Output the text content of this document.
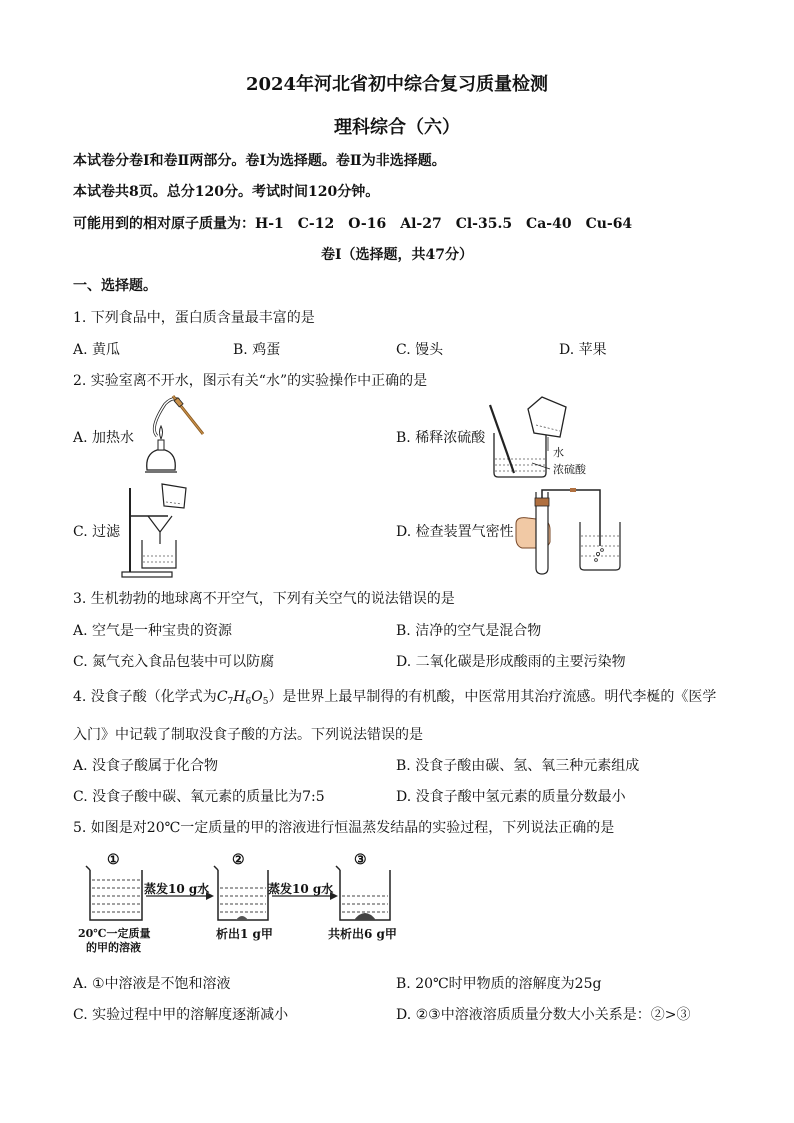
2024年河北省初中综合复习质量检测
理科综合（六）
本试卷分卷Ⅰ和卷Ⅱ两部分。卷Ⅰ为选择题。卷Ⅱ为非选择题。
本试卷共8页。总分120分。考试时间120分钟。
可能用到的相对原子质量为：H-1　C-12　O-16　Al-27　Cl-35.5　Ca-40　Cu-64
卷Ⅰ（选择题，共47分）
一、选择题。
1. 下列食品中，蛋白质含量最丰富的是
A. 黄瓜	B. 鸡蛋	C. 馒头	D. 苹果
2. 实验室离不开水，图示有关“水”的实验操作中正确的是
A. 加热水	B. 稀释浓硫酸
C. 过滤	D. 检查装置气密性
水
浓硫酸
3. 生机勃勃的地球离不开空气，下列有关空气的说法错误的是
A. 空气是一种宝贵的资源	B. 洁净的空气是混合物
C. 氮气充入食品包装中可以防腐	D. 二氧化碳是形成酸雨的主要污染物
4. 没食子酸（化学式为$C_7H_6O_5$）是世界上最早制得的有机酸，中医常用其治疗流感。明代李梴的《医学
入门》中记载了制取没食子酸的方法。下列说法错误的是
A. 没食子酸属于化合物	B. 没食子酸由碳、氢、氧三种元素组成
C. 没食子酸中碳、氧元素的质量比为7:5	D. 没食子酸中氢元素的质量分数最小
5. 如图是对20℃一定质量的甲的溶液进行恒温蒸发结晶的实验过程，下列说法正确的是
①	②	③
蒸发10 g水	蒸发10 g水
20℃一定质量
的甲的溶液
析出1 g甲	共析出6 g甲
A. ①中溶液是不饱和溶液	B. 20℃时甲物质的溶解度为25g
C. 实验过程中甲的溶解度逐渐减小	D. ②③中溶液溶质质量分数大小关系是：②>③
